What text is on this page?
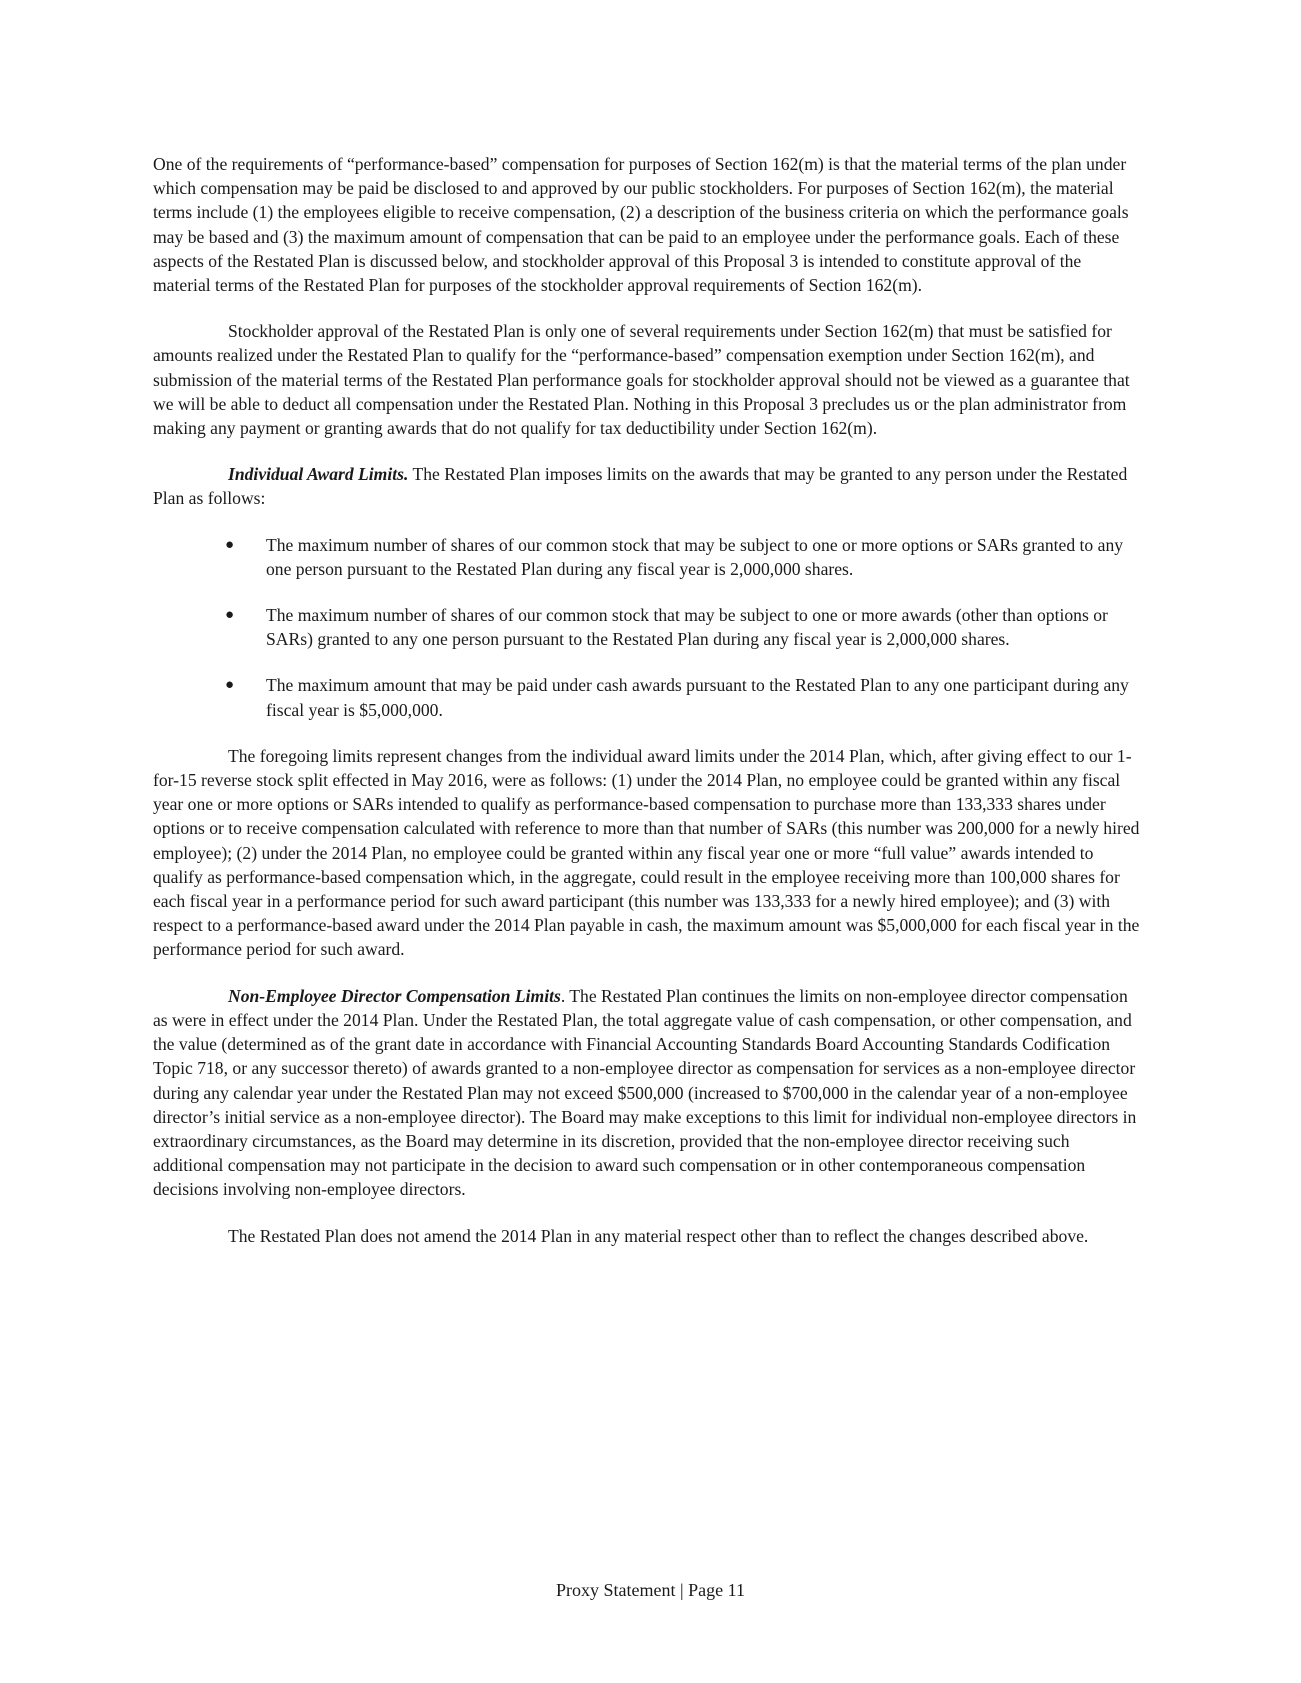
One of the requirements of “performance-based” compensation for purposes of Section 162(m) is that the material terms of the plan under which compensation may be paid be disclosed to and approved by our public stockholders. For purposes of Section 162(m), the material terms include (1) the employees eligible to receive compensation, (2) a description of the business criteria on which the performance goals may be based and (3) the maximum amount of compensation that can be paid to an employee under the performance goals. Each of these aspects of the Restated Plan is discussed below, and stockholder approval of this Proposal 3 is intended to constitute approval of the material terms of the Restated Plan for purposes of the stockholder approval requirements of Section 162(m).

Stockholder approval of the Restated Plan is only one of several requirements under Section 162(m) that must be satisfied for amounts realized under the Restated Plan to qualify for the “performance-based” compensation exemption under Section 162(m), and submission of the material terms of the Restated Plan performance goals for stockholder approval should not be viewed as a guarantee that we will be able to deduct all compensation under the Restated Plan. Nothing in this Proposal 3 precludes us or the plan administrator from making any payment or granting awards that do not qualify for tax deductibility under Section 162(m).

Individual Award Limits. The Restated Plan imposes limits on the awards that may be granted to any person under the Restated Plan as follows:

● The maximum number of shares of our common stock that may be subject to one or more options or SARs granted to any one person pursuant to the Restated Plan during any fiscal year is 2,000,000 shares.
● The maximum number of shares of our common stock that may be subject to one or more awards (other than options or SARs) granted to any one person pursuant to the Restated Plan during any fiscal year is 2,000,000 shares.
● The maximum amount that may be paid under cash awards pursuant to the Restated Plan to any one participant during any fiscal year is $5,000,000.

The foregoing limits represent changes from the individual award limits under the 2014 Plan, which, after giving effect to our 1-for-15 reverse stock split effected in May 2016, were as follows: (1) under the 2014 Plan, no employee could be granted within any fiscal year one or more options or SARs intended to qualify as performance-based compensation to purchase more than 133,333 shares under options or to receive compensation calculated with reference to more than that number of SARs (this number was 200,000 for a newly hired employee); (2) under the 2014 Plan, no employee could be granted within any fiscal year one or more “full value” awards intended to qualify as performance-based compensation which, in the aggregate, could result in the employee receiving more than 100,000 shares for each fiscal year in a performance period for such award participant (this number was 133,333 for a newly hired employee); and (3) with respect to a performance-based award under the 2014 Plan payable in cash, the maximum amount was $5,000,000 for each fiscal year in the performance period for such award.

Non-Employee Director Compensation Limits. The Restated Plan continues the limits on non-employee director compensation as were in effect under the 2014 Plan. Under the Restated Plan, the total aggregate value of cash compensation, or other compensation, and the value (determined as of the grant date in accordance with Financial Accounting Standards Board Accounting Standards Codification Topic 718, or any successor thereto) of awards granted to a non-employee director as compensation for services as a non-employee director during any calendar year under the Restated Plan may not exceed $500,000 (increased to $700,000 in the calendar year of a non-employee director’s initial service as a non-employee director). The Board may make exceptions to this limit for individual non-employee directors in extraordinary circumstances, as the Board may determine in its discretion, provided that the non-employee director receiving such additional compensation may not participate in the decision to award such compensation or in other contemporaneous compensation decisions involving non-employee directors.

The Restated Plan does not amend the 2014 Plan in any material respect other than to reflect the changes described above.

Proxy Statement | Page 11
